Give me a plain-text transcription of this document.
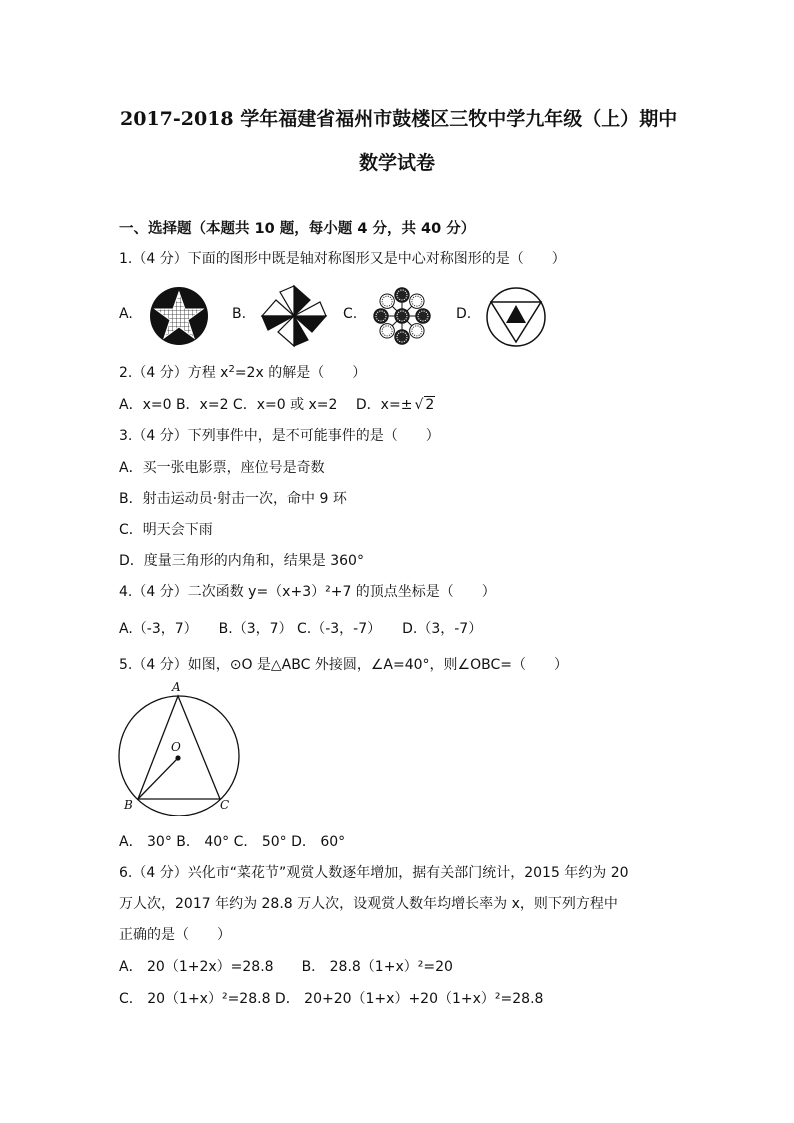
2017-2018 学年福建省福州市鼓楼区三牧中学九年级（上）期中
数学试卷
一、选择题（本题共 10 题，每小题 4 分，共 40 分）
1.（4 分）下面的图形中既是轴对称图形又是中心对称图形的是（　　）
A.	B.	C.	D.
2.（4 分）方程 $x^2=2x$ 的解是（　　）
A．x=0 B．x=2 C．x=0 或 x=2　 D．x=± √ 2
3.（4 分）下列事件中，是不可能事件的是（　　）
A．买一张电影票，座位号是奇数
B．射击运动员·射击一次，命中 9 环
C．明天会下雨
D．度量三角形的内角和，结果是 360°
4.（4 分）二次函数 y=（x+3）²+7 的顶点坐标是（　　）
A.（-3，7）　　B.（3，7） C.（-3，-7）　　D.（3，-7）
5.（4 分）如图，⊙O 是△ABC 外接圆，∠A=40°，则∠OBC=（　　）
A
O
B	C
A． 30° B． 40° C． 50° D． 60°
6.（4 分）兴化市“菜花节”观赏人数逐年增加，据有关部门统计，2015 年约为 20
万人次，2017 年约为 28.8 万人次，设观赏人数年均增长率为 x，则下列方程中
正确的是（　　）
A． 20（1+2x）=28.8　　B． 28.8（1+x）²=20
C． 20（1+x）²=28.8 D． 20+20（1+x）+20（1+x）²=28.8
